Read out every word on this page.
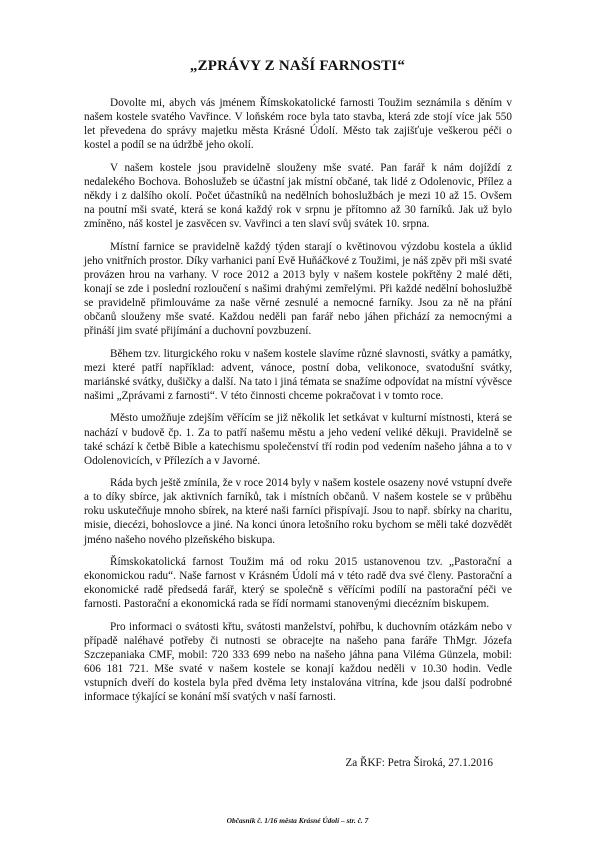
„ZPRÁVY Z NAŠÍ FARNOSTI“

Dovolte mi, abych vás jménem Římskokatolické farnosti Toužim seznámila s děním v našem kostele svatého Vavřince. V loňském roce byla tato stavba, která zde stojí více jak 550 let převedena do správy majetku města Krásné Údolí. Město tak zajišťuje veškerou péči o kostel a podíl se na údržbě jeho okolí.

V našem kostele jsou pravidelně slouženy mše svaté. Pan farář k nám dojíždí z nedalekého Bochova. Bohoslužeb se účastní jak místní občané, tak lidé z Odolenovic, Přílez a někdy i z dalšího okolí. Počet účastníků na nedělních bohoslužbách je mezi 10 až 15. Ovšem na poutní mši svaté, která se koná každý rok v srpnu je přítomno až 30 farníků. Jak už bylo zmíněno, náš kostel je zasvěcen sv. Vavřinci a ten slaví svůj svátek 10. srpna.

Místní farnice se pravidelně každý týden starají o květinovou výzdobu kostela a úklid jeho vnitřních prostor. Díky varhanici paní Evě Huňáčkové z Toužimi, je náš zpěv při mši svaté provázen hrou na varhany. V roce 2012 a 2013 byly v našem kostele pokřtěny 2 malé děti, konají se zde i poslední rozloučení s našimi drahými zemřelými. Při každé nedělní bohoslužbě se pravidelně přimlouváme za naše věrné zesnulé a nemocné farníky. Jsou za ně na přání občanů slouženy mše svaté. Každou neděli pan farář nebo jáhen přichází za nemocnými a přináší jim svaté přijímání a duchovní povzbuzení.

Během tzv. liturgického roku v našem kostele slavíme různé slavnosti, svátky a památky, mezi které patří například: advent, vánoce, postní doba, velikonoce, svatodušní svátky, mariánské svátky, dušičky a další. Na tato i jiná témata se snažíme odpovídat na místní vývěsce našimi „Zprávami z farnosti“. V této činnosti chceme pokračovat i v tomto roce.

Město umožňuje zdejším věřícím se již několik let setkávat v kulturní místnosti, která se nachází v budově čp. 1. Za to patří našemu městu a jeho vedení veliké děkuji. Pravidelně se také schází k četbě Bible a katechismu společenství tří rodin pod vedením našeho jáhna a to v Odolenovicích, v Přílezích a v Javorné.

Ráda bych ještě zmínila, že v roce 2014 byly v našem kostele osazeny nové vstupní dveře a to díky sbírce, jak aktivních farníků, tak i místních občanů. V našem kostele se v průběhu roku uskutečňuje mnoho sbírek, na které naši farníci přispívají. Jsou to např. sbírky na charitu, misie, diecézi, bohoslovce a jiné. Na konci února letošního roku bychom se měli také dozvědět jméno našeho nového plzeňského biskupa.

Římskokatolická farnost Toužim má od roku 2015 ustanovenou tzv. „Pastorační a ekonomickou radu“. Naše farnost v Krásném Údolí má v této radě dva své členy. Pastorační a ekonomické radě předsedá farář, který se společně s věřícími podílí na pastorační péči ve farnosti. Pastorační a ekonomická rada se řídí normami stanovenými diecézním biskupem.

Pro informaci o svátosti křtu, svátosti manželství, pohřbu, k duchovním otázkám nebo v případě naléhavé potřeby či nutnosti se obracejte na našeho pana faráře ThMgr. Józefa Szczepaniaka CMF, mobil: 720 333 699 nebo na našeho jáhna pana Viléma Günzela, mobil: 606 181 721. Mše svaté v našem kostele se konají každou neděli v 10.30 hodin. Vedle vstupních dveří do kostela byla před dvěma lety instalována vitrína, kde jsou další podrobné informace týkající se konání mší svatých v naší farnosti.

Za ŘKF: Petra Široká, 27.1.2016
Občasník č. 1/16 města Krásné Údolí – str. č. 7
